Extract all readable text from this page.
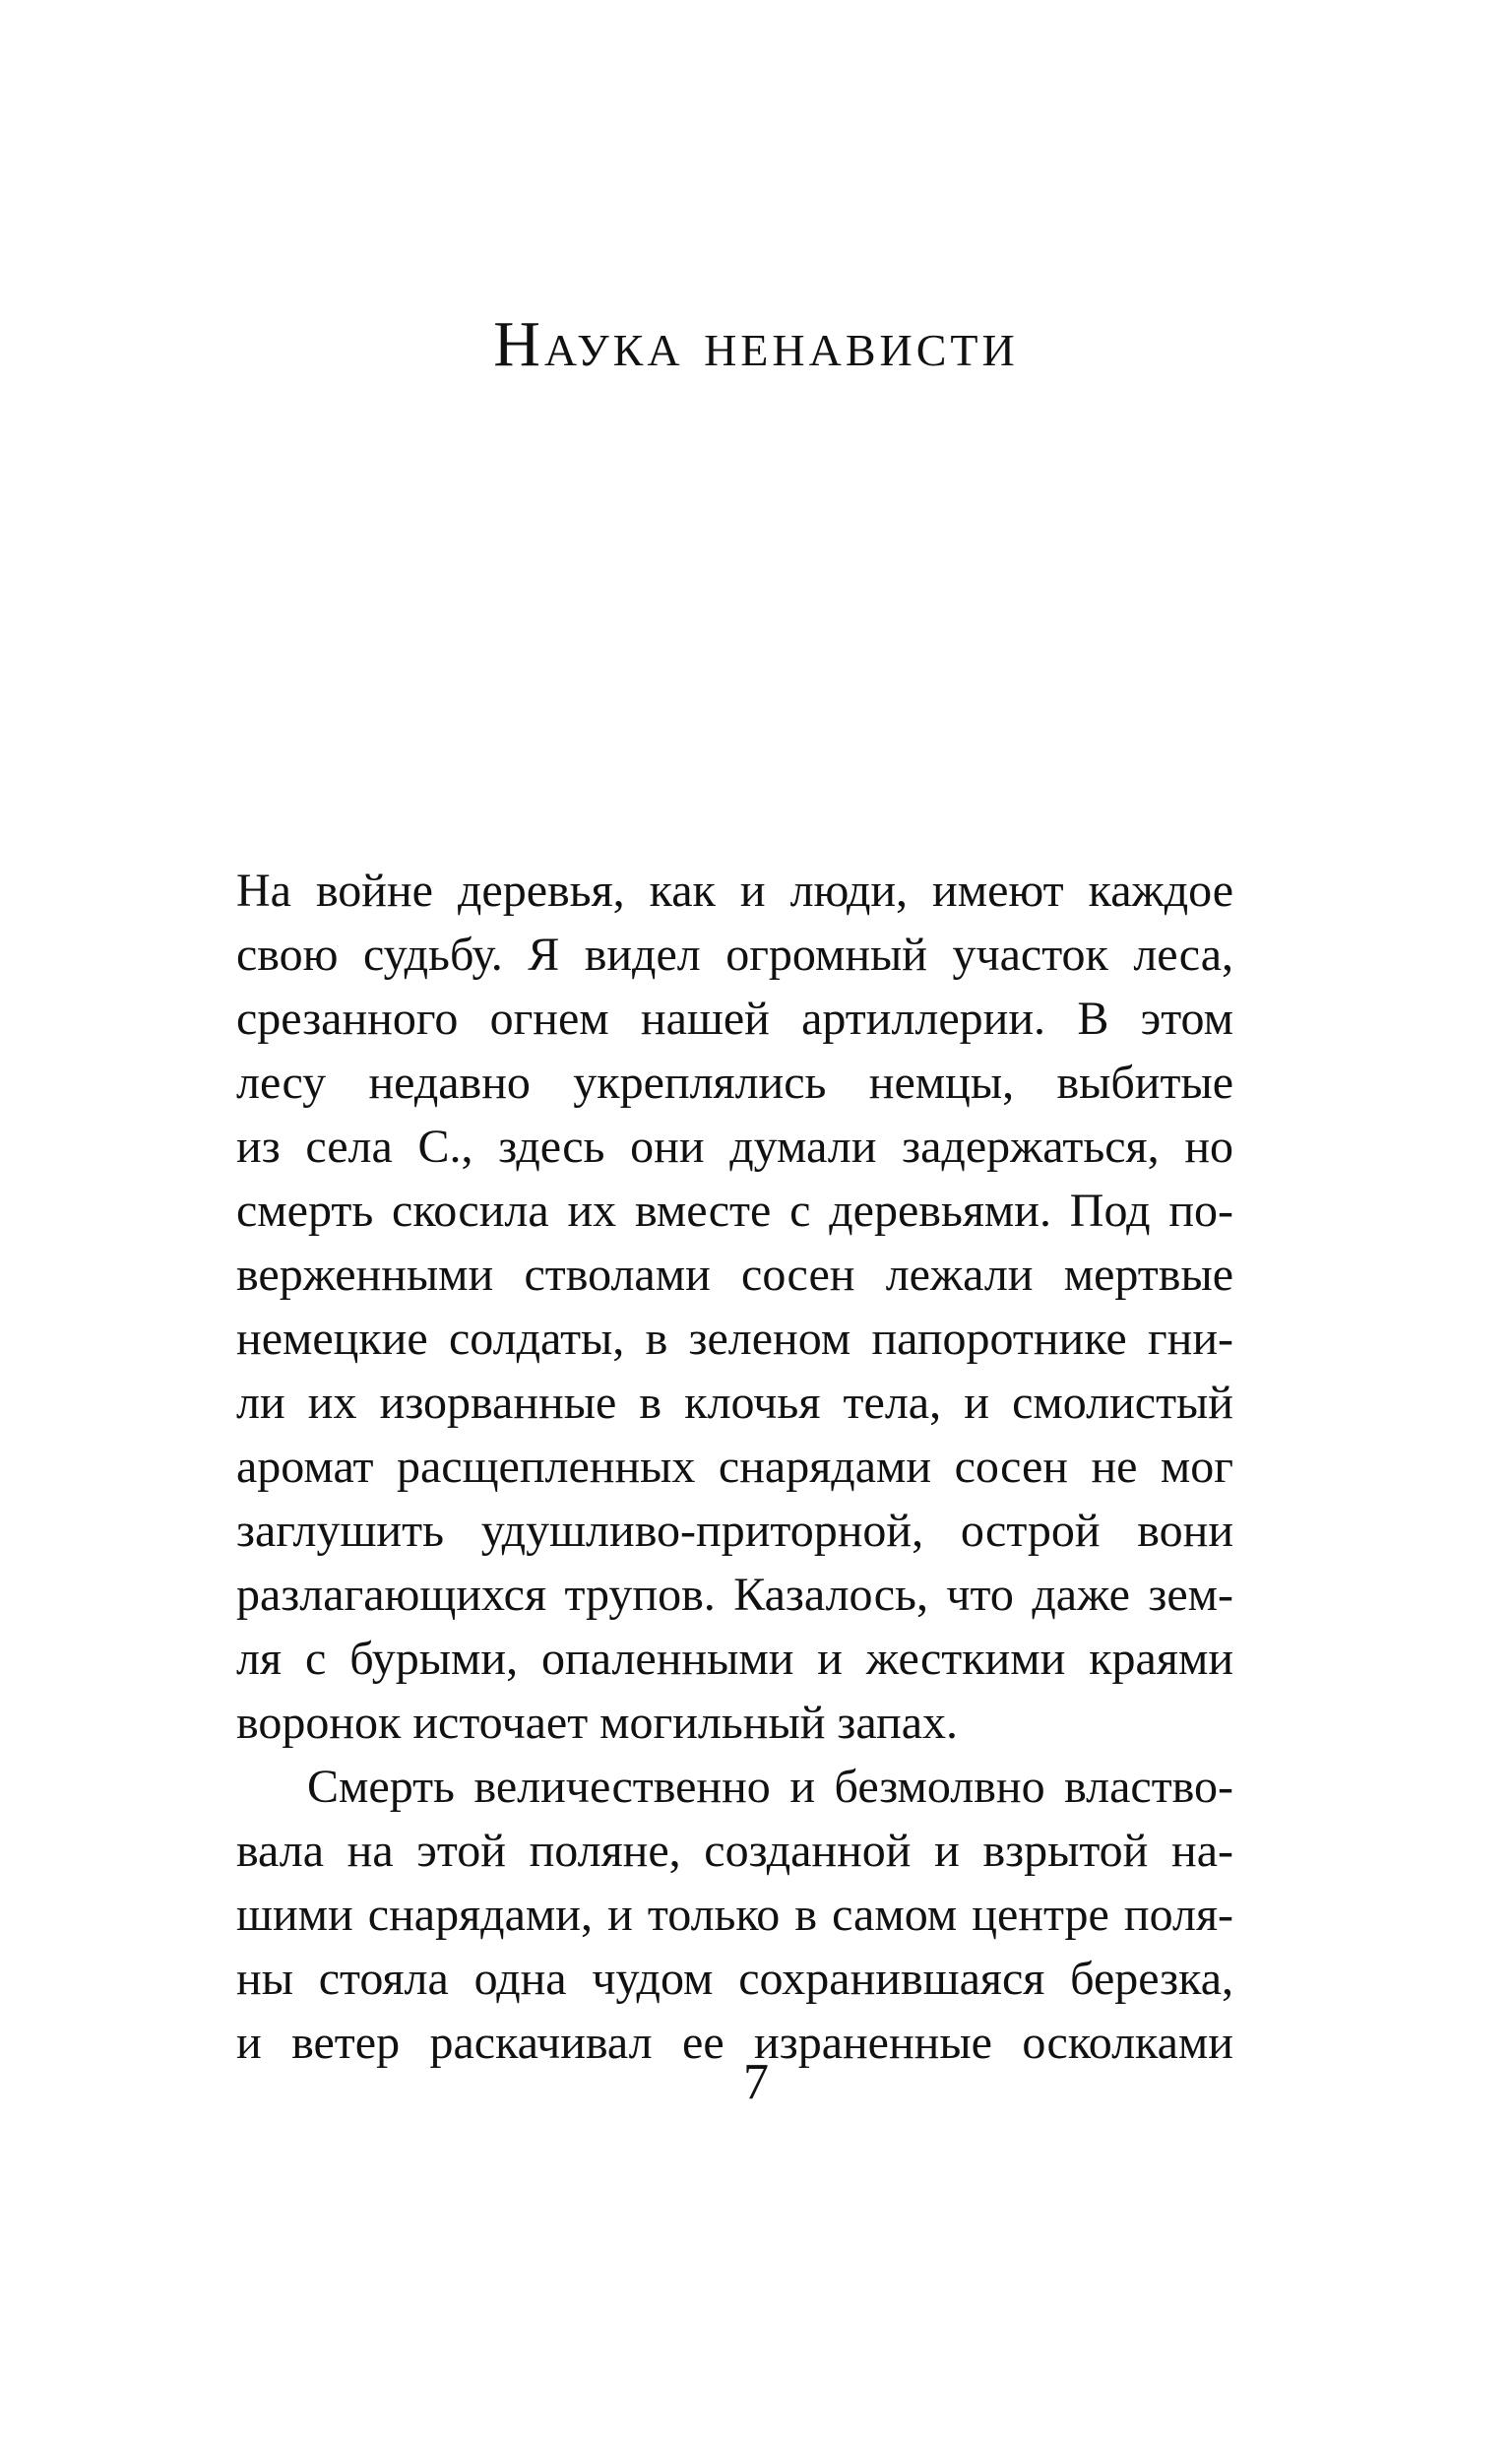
Наука ненависти
На войне деревья, как и люди, имеют каждое
свою судьбу. Я видел огромный участок леса,
срезанного огнем нашей артиллерии. В этом
лесу недавно укреплялись немцы, выбитые
из села С., здесь они думали задержаться, но
смерть скосила их вместе с деревьями. Под по-
верженными стволами сосен лежали мертвые
немецкие солдаты, в зеленом папоротнике гни-
ли их изорванные в клочья тела, и смолистый
аромат расщепленных снарядами сосен не мог
заглушить удушливо-приторной, острой вони
разлагающихся трупов. Казалось, что даже зем-
ля с бурыми, опаленными и жесткими краями
воронок источает могильный запах.
Смерть величественно и безмолвно властво-
вала на этой поляне, созданной и взрытой на-
шими снарядами, и только в самом центре поля-
ны стояла одна чудом сохранившаяся березка,
и ветер раскачивал ее израненные осколками
7
